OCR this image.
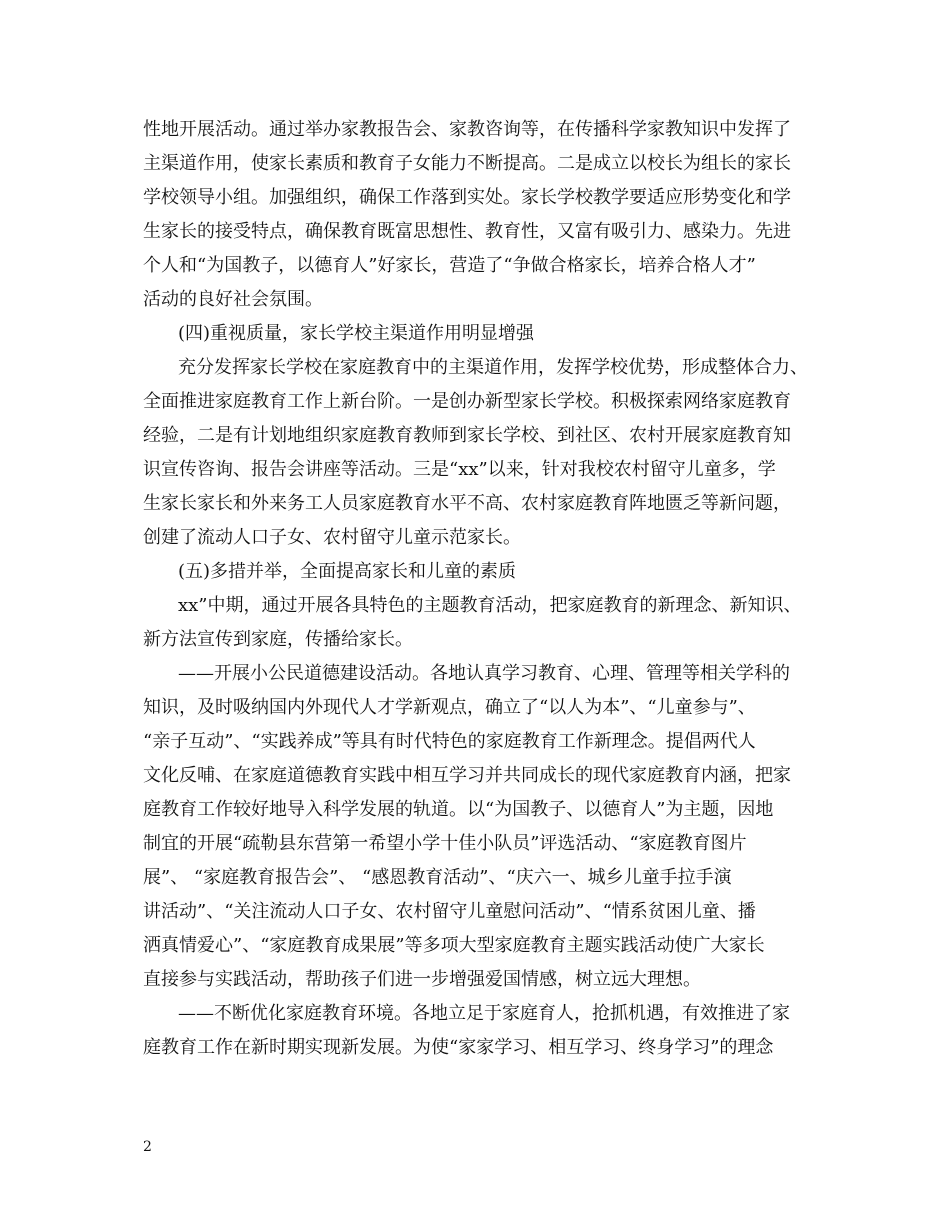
性地开展活动。通过举办家教报告会、家教咨询等，在传播科学家教知识中发挥了

主渠道作用，使家长素质和教育子女能力不断提高。二是成立以校长为组长的家长

学校领导小组。加强组织，确保工作落到实处。家长学校教学要适应形势变化和学

生家长的接受特点，确保教育既富思想性、教育性，又富有吸引力、感染力。先进

个人和“为国教子，以德育人”好家长，营造了“争做合格家长，培养合格人才”

活动的良好社会氛围。

(四)重视质量，家长学校主渠道作用明显增强

充分发挥家长学校在家庭教育中的主渠道作用，发挥学校优势，形成整体合力、

全面推进家庭教育工作上新台阶。一是创办新型家长学校。积极探索网络家庭教育

经验，二是有计划地组织家庭教育教师到家长学校、到社区、农村开展家庭教育知

识宣传咨询、报告会讲座等活动。三是“xx”以来，针对我校农村留守儿童多，学

生家长家长和外来务工人员家庭教育水平不高、农村家庭教育阵地匮乏等新问题，

创建了流动人口子女、农村留守儿童示范家长。

(五)多措并举，全面提高家长和儿童的素质

xx”中期，通过开展各具特色的主题教育活动，把家庭教育的新理念、新知识、

新方法宣传到家庭，传播给家长。

——开展小公民道德建设活动。各地认真学习教育、心理、管理等相关学科的

知识，及时吸纳国内外现代人才学新观点，确立了“以人为本”、“儿童参与”、

“亲子互动”、“实践养成”等具有时代特色的家庭教育工作新理念。提倡两代人

文化反哺、在家庭道德教育实践中相互学习并共同成长的现代家庭教育内涵，把家

庭教育工作较好地导入科学发展的轨道。以“为国教子、以德育人”为主题，因地

制宜的开展“疏勒县东营第一希望小学十佳小队员”评选活动、“家庭教育图片

展”、 “家庭教育报告会”、 “感恩教育活动”、“庆六一、城乡儿童手拉手演

讲活动”、“关注流动人口子女、农村留守儿童慰问活动”、“情系贫困儿童、播

洒真情爱心”、“家庭教育成果展”等多项大型家庭教育主题实践活动使广大家长

直接参与实践活动，帮助孩子们进一步增强爱国情感，树立远大理想。

——不断优化家庭教育环境。各地立足于家庭育人，抢抓机遇，有效推进了家

庭教育工作在新时期实现新发展。为使“家家学习、相互学习、终身学习”的理念

2
